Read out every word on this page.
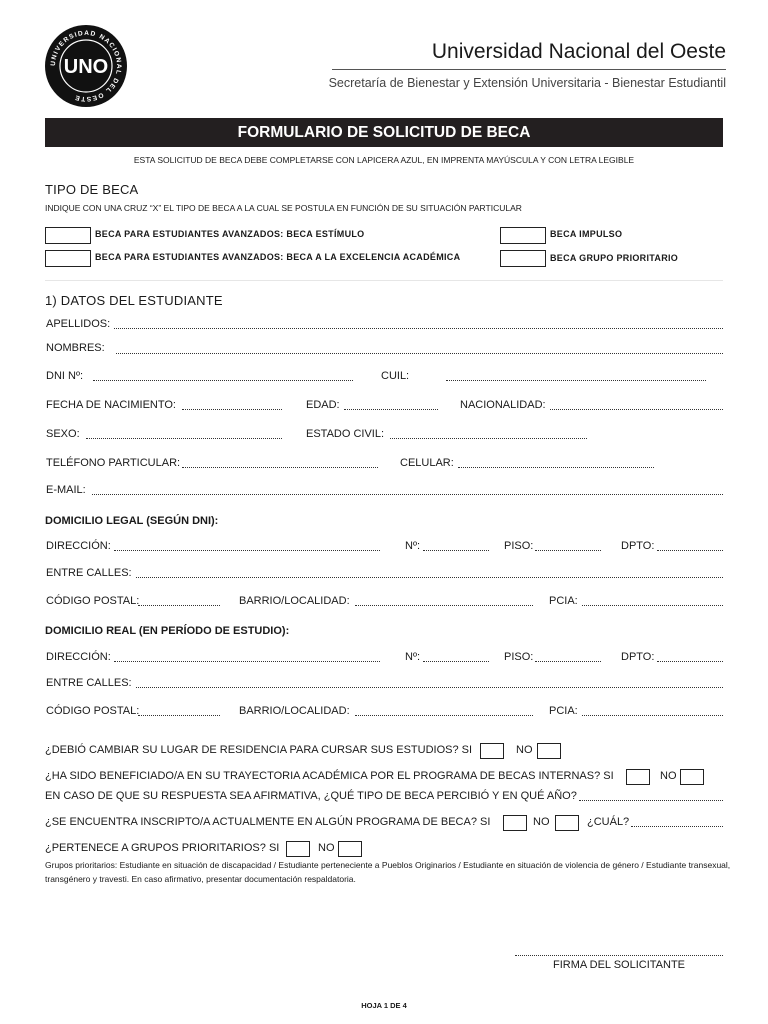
UNIVERSIDAD NACIONAL DEL OESTE
UNO
Universidad Nacional del Oeste
Secretaría de Bienestar y Extensión Universitaria - Bienestar Estudiantil
FORMULARIO DE SOLICITUD DE BECA
ESTA SOLICITUD DE BECA DEBE COMPLETARSE CON LAPICERA AZUL, EN IMPRENTA MAYÚSCULA Y CON LETRA LEGIBLE
TIPO DE BECA
INDIQUE CON UNA CRUZ “X” EL TIPO DE BECA A LA CUAL SE POSTULA EN FUNCIÓN DE SU SITUACIÓN PARTICULAR
BECA PARA ESTUDIANTES AVANZADOS: BECA ESTÍMULO
BECA PARA ESTUDIANTES AVANZADOS: BECA A LA EXCELENCIA ACADÉMICA
BECA IMPULSO
BECA GRUPO PRIORITARIO
1) DATOS DEL ESTUDIANTE
APELLIDOS:
NOMBRES:
DNI Nº:	CUIL:
FECHA DE NACIMIENTO:	EDAD:	NACIONALIDAD:
SEXO:	ESTADO CIVIL:
TELÉFONO PARTICULAR:	CELULAR:
E-MAIL:
DOMICILIO LEGAL (SEGÚN DNI):
DIRECCIÓN:	Nº:	PISO:	DPTO:
ENTRE CALLES:
CÓDIGO POSTAL:	BARRIO/LOCALIDAD:	PCIA:
DOMICILIO REAL (EN PERÍODO DE ESTUDIO):
DIRECCIÓN:	Nº:	PISO:	DPTO:
ENTRE CALLES:
CÓDIGO POSTAL:	BARRIO/LOCALIDAD:	PCIA:
¿DEBIÓ CAMBIAR SU LUGAR DE RESIDENCIA PARA CURSAR SUS ESTUDIOS? SI	NO
¿HA SIDO BENEFICIADO/A EN SU TRAYECTORIA ACADÉMICA POR EL PROGRAMA DE BECAS INTERNAS? SI	NO
EN CASO DE QUE SU RESPUESTA SEA AFIRMATIVA, ¿QUÉ TIPO DE BECA PERCIBIÓ Y EN QUÉ AÑO?
¿SE ENCUENTRA INSCRIPTO/A ACTUALMENTE EN ALGÚN PROGRAMA DE BECA? SI	NO	¿CUÁL?
¿PERTENECE A GRUPOS PRIORITARIOS? SI	NO
Grupos prioritarios: Estudiante en situación de discapacidad / Estudiante perteneciente a Pueblos Originarios / Estudiante en situación de violencia de género / Estudiante transexual, transgénero y travesti. En caso afirmativo, presentar documentación respaldatoria.
FIRMA DEL SOLICITANTE
HOJA 1 DE 4
